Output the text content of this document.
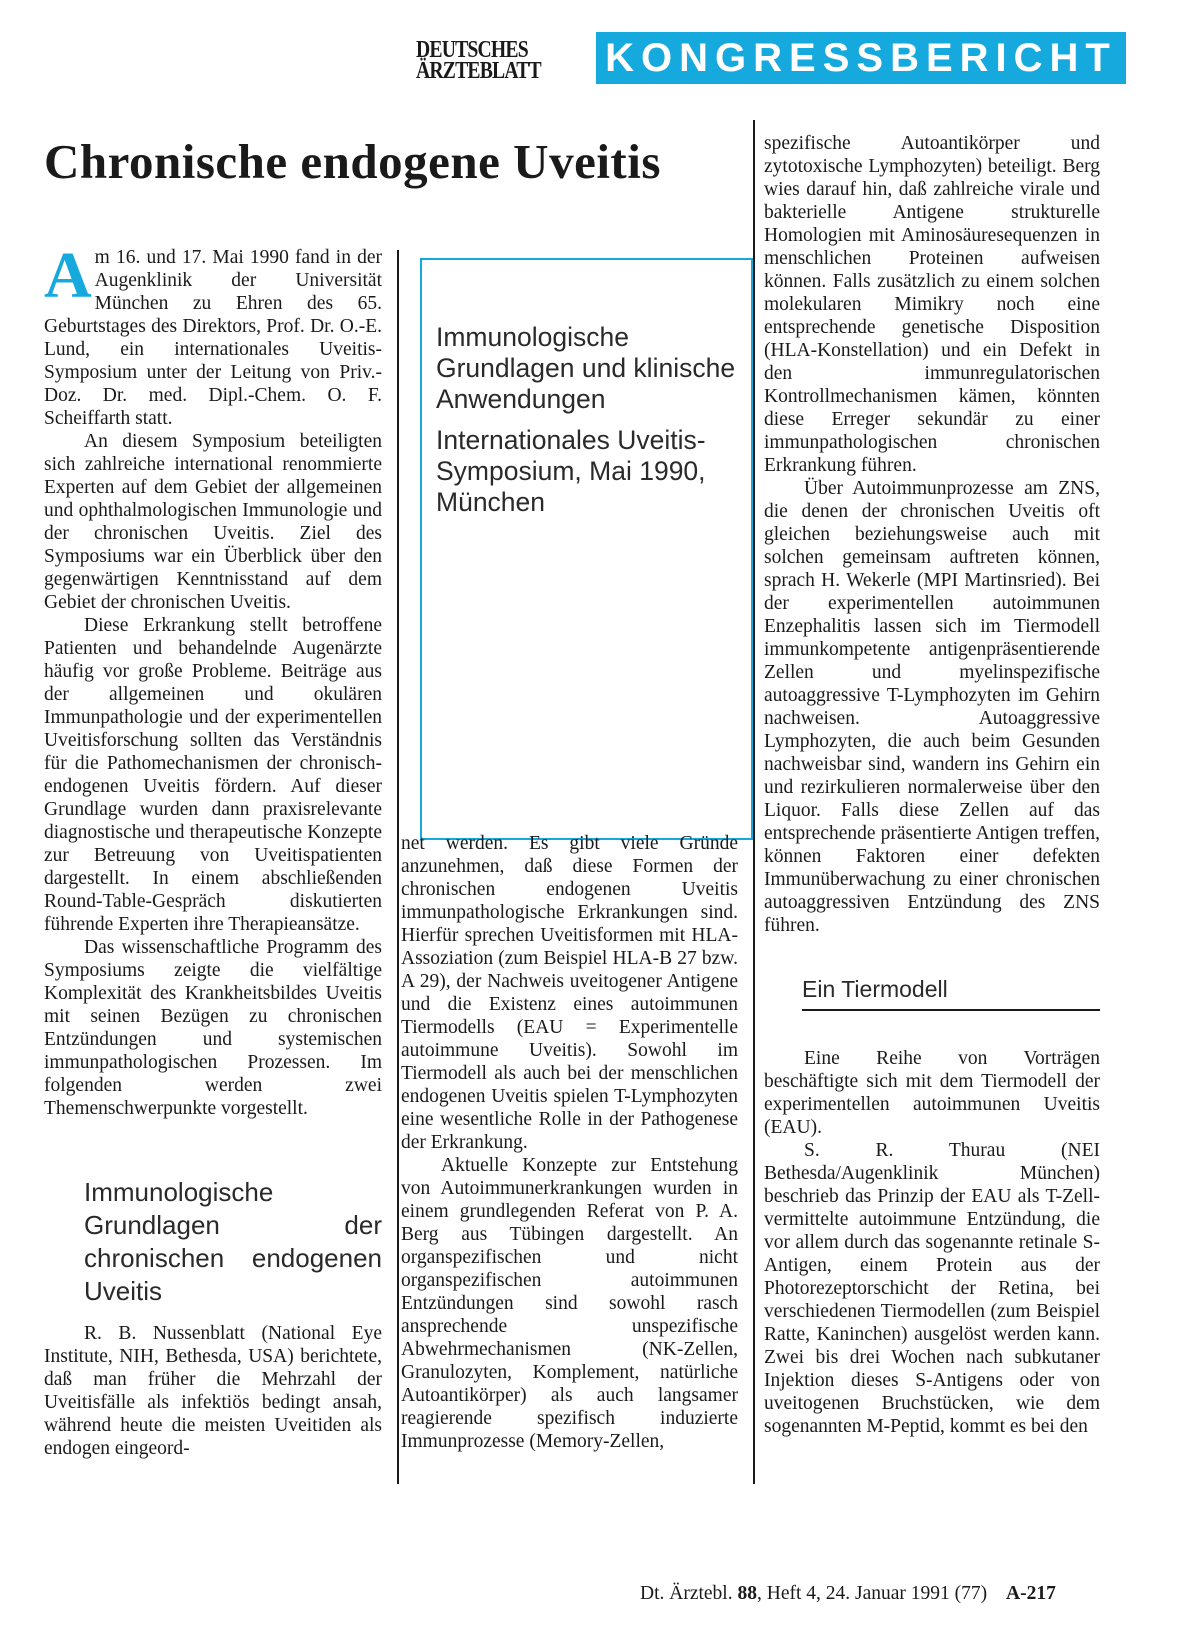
DEUTSCHES
ÄRZTEBLATT KONGRESSBERICHT
Chronische endogene Uveitis

Am 16. und 17. Mai 1990 fand in der Augenklinik der Universität München zu Ehren des 65. Geburtstages des Direktors, Prof. Dr. O.-E. Lund, ein internationales Uveitis-Symposium unter der Leitung von Priv.-Doz. Dr. med. Dipl.-Chem. O. F. Scheiffarth statt.

An diesem Symposium beteiligten sich zahlreiche international renommierte Experten auf dem Gebiet der allgemeinen und ophthalmologischen Immunologie und der chronischen Uveitis. Ziel des Symposiums war ein Überblick über den gegenwärtigen Kenntnisstand auf dem Gebiet der chronischen Uveitis.

Diese Erkrankung stellt betroffene Patienten und behandelnde Augenärzte häufig vor große Probleme. Beiträge aus der allgemeinen und okulären Immunpathologie und der experimentellen Uveitisforschung sollten das Verständnis für die Pathomechanismen der chronisch-endogenen Uveitis fördern. Auf dieser Grundlage wurden dann praxisrelevante diagnostische und therapeutische Konzepte zur Betreuung von Uveitispatienten dargestellt. In einem abschließenden Round-Table-Gespräch diskutierten führende Experten ihre Therapieansätze.

Das wissenschaftliche Programm des Symposiums zeigte die vielfältige Komplexität des Krankheitsbildes Uveitis mit seinen Bezügen zu chronischen Entzündungen und systemischen immunpathologischen Prozessen. Im folgenden werden zwei Themenschwerpunkte vorgestellt.

Immunologische Grundlagen der chronischen endogenen Uveitis

R. B. Nussenblatt (National Eye Institute, NIH, Bethesda, USA) berichtete, daß man früher die Mehrzahl der Uveitisfälle als infektiös bedingt ansah, während heute die meisten Uveitiden als endogen eingeord-

Immunologische Grundlagen und klinische Anwendungen
Internationales Uveitis-Symposium, Mai 1990, München

net werden. Es gibt viele Gründe anzunehmen, daß diese Formen der chronischen endogenen Uveitis immunpathologische Erkrankungen sind. Hierfür sprechen Uveitisformen mit HLA-Assoziation (zum Beispiel HLA-B 27 bzw. A 29), der Nachweis uveitogener Antigene und die Existenz eines autoimmunen Tiermodells (EAU = Experimentelle autoimmune Uveitis). Sowohl im Tiermodell als auch bei der menschlichen endogenen Uveitis spielen T-Lymphozyten eine wesentliche Rolle in der Pathogenese der Erkrankung.

Aktuelle Konzepte zur Entstehung von Autoimmunerkrankungen wurden in einem grundlegenden Referat von P. A. Berg aus Tübingen dargestellt. An organspezifischen und nicht organspezifischen autoimmunen Entzündungen sind sowohl rasch ansprechende unspezifische Abwehrmechanismen (NK-Zellen, Granulozyten, Komplement, natürliche Autoantikörper) als auch langsamer reagierende spezifisch induzierte Immunprozesse (Memory-Zellen,

spezifische Autoantikörper und zytotoxische Lymphozyten) beteiligt. Berg wies darauf hin, daß zahlreiche virale und bakterielle Antigene strukturelle Homologien mit Aminosäuresequenzen in menschlichen Proteinen aufweisen können. Falls zusätzlich zu einem solchen molekularen Mimikry noch eine entsprechende genetische Disposition (HLA-Konstellation) und ein Defekt in den immunregulatorischen Kontrollmechanismen kämen, könnten diese Erreger sekundär zu einer immunpathologischen chronischen Erkrankung führen.

Über Autoimmunprozesse am ZNS, die denen der chronischen Uveitis oft gleichen beziehungsweise auch mit solchen gemeinsam auftreten können, sprach H. Wekerle (MPI Martinsried). Bei der experimentellen autoimmunen Enzephalitis lassen sich im Tiermodell immunkompetente antigenpräsentierende Zellen und myelinspezifische autoaggressive T-Lymphozyten im Gehirn nachweisen. Autoaggressive Lymphozyten, die auch beim Gesunden nachweisbar sind, wandern ins Gehirn ein und rezirkulieren normalerweise über den Liquor. Falls diese Zellen auf das entsprechende präsentierte Antigen treffen, können Faktoren einer defekten Immunüberwachung zu einer chronischen autoaggressiven Entzündung des ZNS führen.

Ein Tiermodell

Eine Reihe von Vorträgen beschäftigte sich mit dem Tiermodell der experimentellen autoimmunen Uveitis (EAU).

S. R. Thurau (NEI Bethesda/Augenklinik München) beschrieb das Prinzip der EAU als T-Zell-vermittelte autoimmune Entzündung, die vor allem durch das sogenannte retinale S-Antigen, einem Protein aus der Photorezeptorschicht der Retina, bei verschiedenen Tiermodellen (zum Beispiel Ratte, Kaninchen) ausgelöst werden kann. Zwei bis drei Wochen nach subkutaner Injektion dieses S-Antigens oder von uveitogenen Bruchstücken, wie dem sogenannten M-Peptid, kommt es bei den

Dt. Ärztebl. 88, Heft 4, 24. Januar 1991 (77) A-217
